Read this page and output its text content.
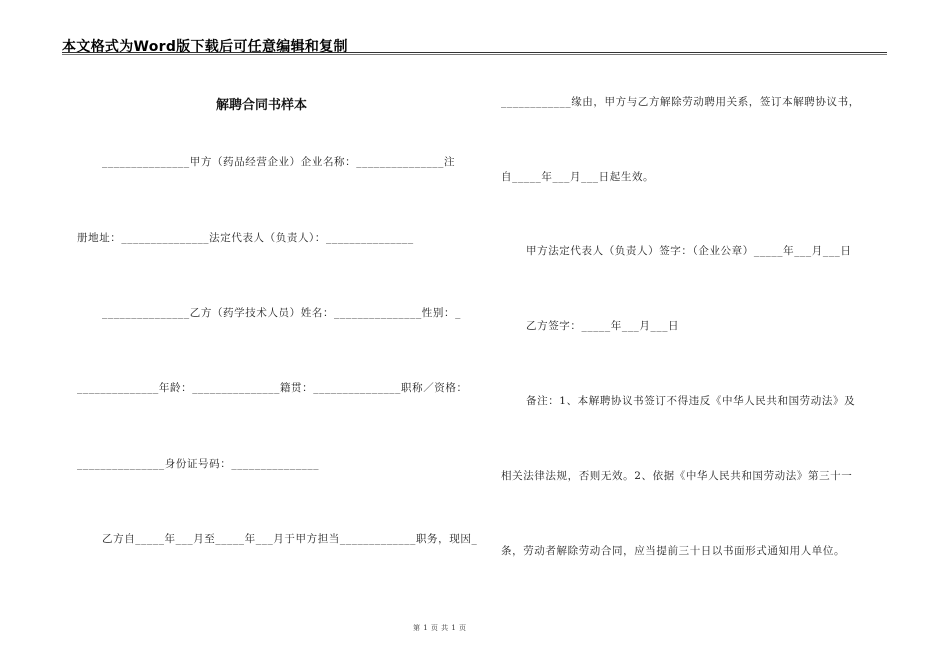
本文格式为Word版下载后可任意编辑和复制
解聘合同书样本
_______________甲方（药品经营企业）企业名称：_______________注
册地址：_______________法定代表人（负责人）：_______________
_______________乙方（药学技术人员）姓名：_______________性别：_
______________年龄：_______________籍贯：_______________职称／资格：
_______________身份证号码：_______________
乙方自_____年___月至_____年___月于甲方担当_____________职务，现因_
____________缘由，甲方与乙方解除劳动聘用关系，签订本解聘协议书，
自_____年___月___日起生效。
甲方法定代表人（负责人）签字：（企业公章）_____年___月___日
乙方签字：_____年___月___日
备注：1、本解聘协议书签订不得违反《中华人民共和国劳动法》及
相关法律法规，否则无效。2、依据《中华人民共和国劳动法》第三十一
条，劳动者解除劳动合同，应当提前三十日以书面形式通知用人单位。
第 1 页 共 1 页
